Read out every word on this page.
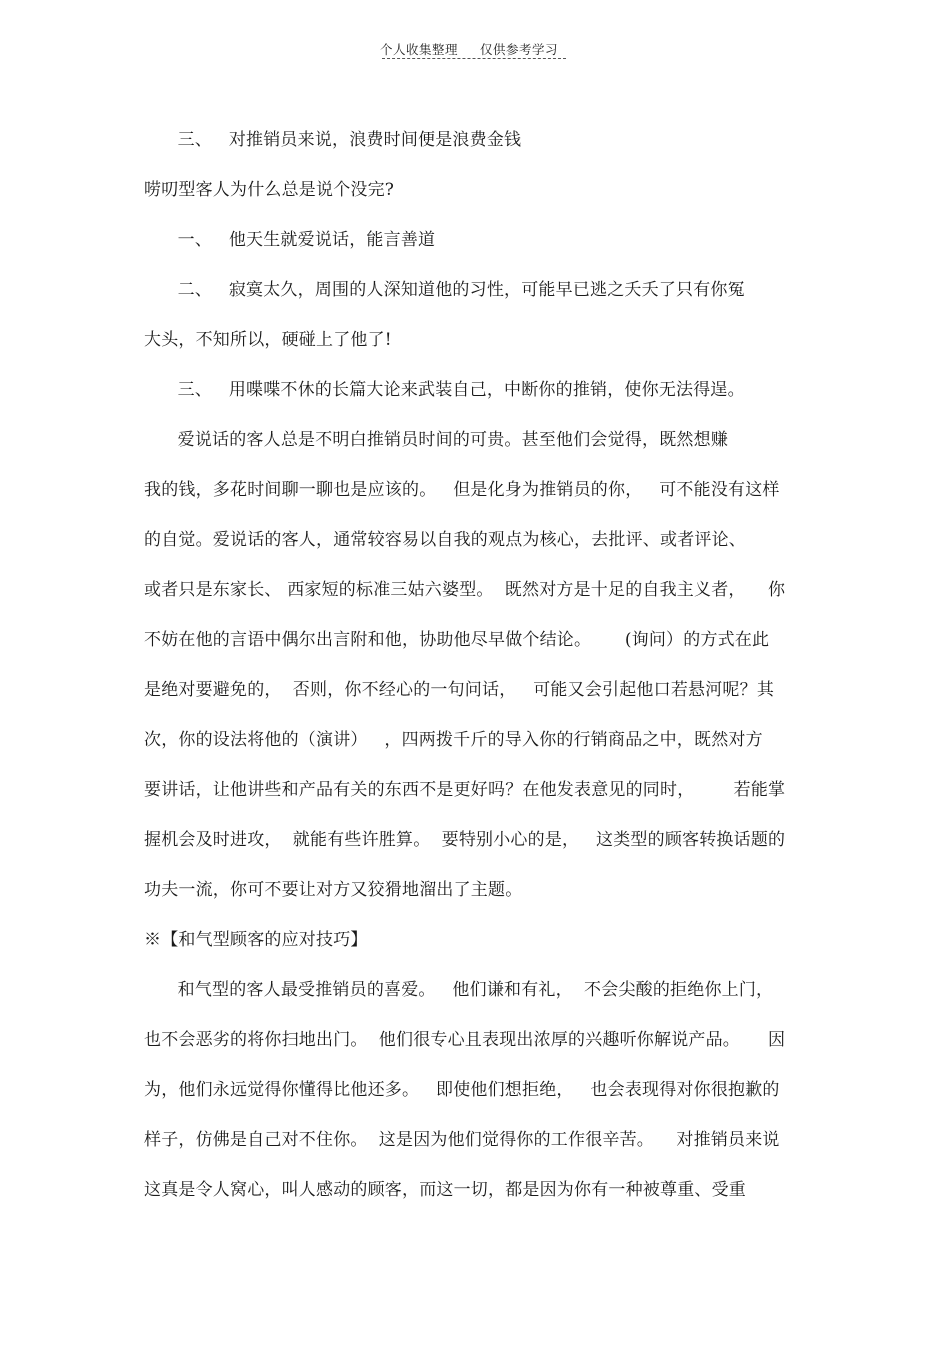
个人收集整理 仅供参考学习
三、   对推销员来说，浪费时间便是浪费金钱
唠叨型客人为什么总是说个没完?
一、   他天生就爱说话，能言善道
二、   寂寞太久，周围的人深知道他的习性，可能早已逃之夭夭了只有你冤
大头，不知所以，硬碰上了他了!
三、   用喋喋不休的长篇大论来武装自己，中断你的推销，使你无法得逞。
爱说话的客人总是不明白推销员时间的可贵。甚至他们会觉得，既然想赚
我的钱，多花时间聊一聊也是应该的。   但是化身为推销员的你，   可不能没有这样
的自觉。爱说话的客人，通常较容易以自我的观点为核心，去批评、或者评论、
或者只是东家长、 西家短的标准三姑六婆型。  既然对方是十足的自我主义者，    你
不妨在他的言语中偶尔出言附和他，协助他尽早做个结论。      (询问）的方式在此
是绝对要避免的，  否则，你不经心的一句问话，   可能又会引起他口若悬河呢？其
次，你的设法将他的（演讲）   ，四两拨千斤的导入你的行销商品之中，既然对方
要讲话，让他讲些和产品有关的东西不是更好吗？在他发表意见的同时，       若能掌
握机会及时进攻，  就能有些许胜算。  要特别小心的是，   这类型的顾客转换话题的
功夫一流，你可不要让对方又狡猾地溜出了主题。
※【和气型顾客的应对技巧】
和气型的客人最受推销员的喜爱。   他们谦和有礼，  不会尖酸的拒绝你上门，
也不会恶劣的将你扫地出门。  他们很专心且表现出浓厚的兴趣听你解说产品。     因
为，他们永远觉得你懂得比他还多。   即使他们想拒绝，   也会表现得对你很抱歉的
样子，仿佛是自己对不住你。  这是因为他们觉得你的工作很辛苦。    对推销员来说
这真是令人窝心，叫人感动的顾客，而这一切，都是因为你有一种被尊重、受重
